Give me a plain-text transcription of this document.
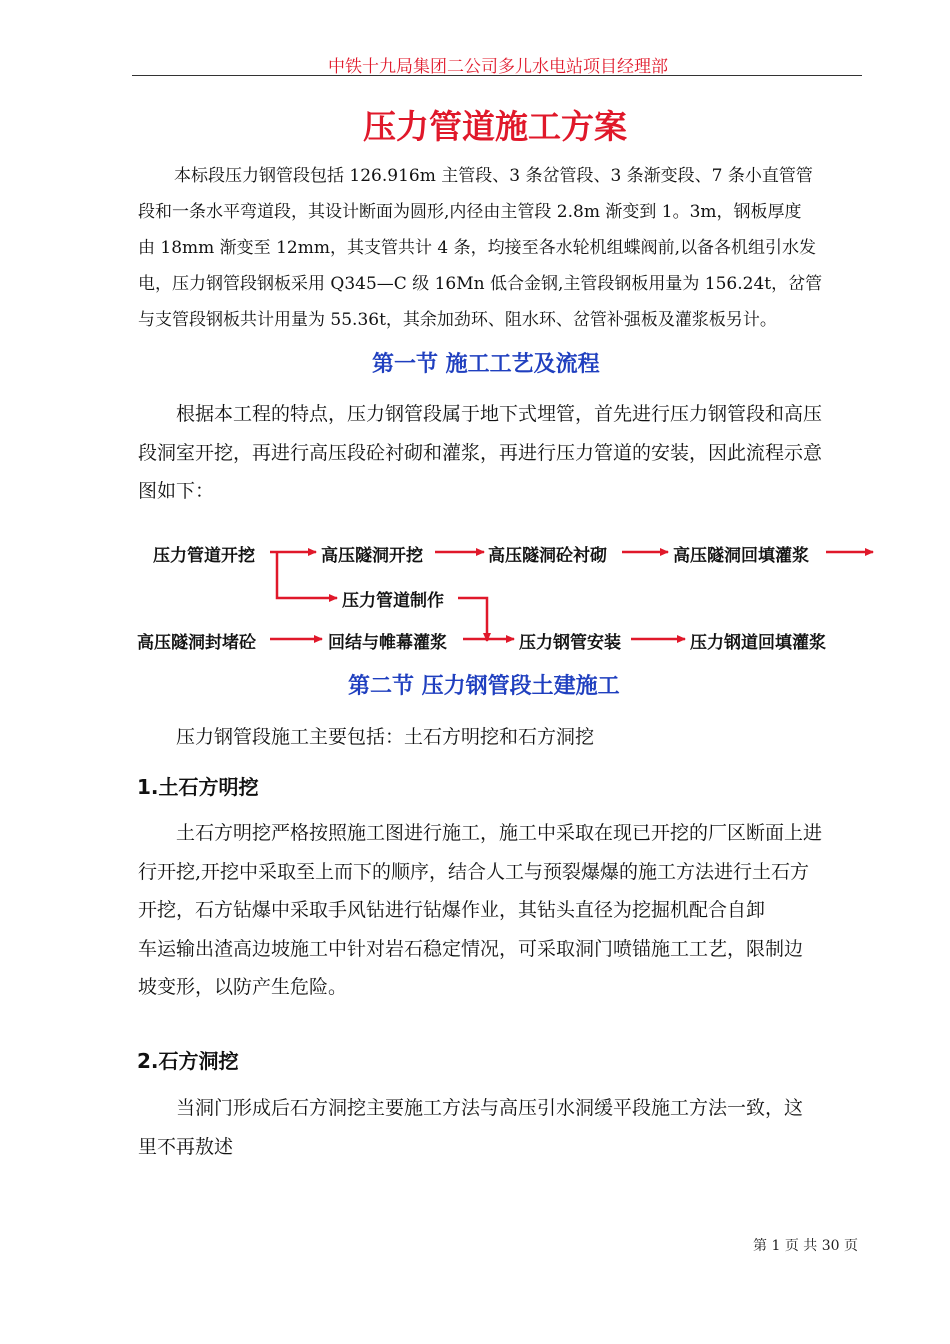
中铁十九局集团二公司多儿水电站项目经理部
压力管道施工方案
本标段压力钢管段包括 126.916m 主管段、3 条岔管段、3 条渐变段、7 条小直管管
段和一条水平弯道段，其设计断面为圆形,内径由主管段 2.8m 渐变到 1。3m，钢板厚度
由 18mm 渐变至 12mm，其支管共计 4 条，均接至各水轮机组蝶阀前,以备各机组引水发
电，压力钢管段钢板采用 Q345—C 级 16Mn 低合金钢,主管段钢板用量为 156.24t，岔管
与支管段钢板共计用量为 55.36t，其余加劲环、阻水环、岔管补强板及灌浆板另计。
第一节 施工工艺及流程
根据本工程的特点，压力钢管段属于地下式埋管，首先进行压力钢管段和高压
段洞室开挖，再进行高压段砼衬砌和灌浆，再进行压力管道的安装，因此流程示意
图如下：
压力管道开挖	高压隧洞开挖	高压隧洞砼衬砌	高压隧洞回填灌浆
压力管道制作
高压隧洞封堵砼	回结与帷幕灌浆	压力钢管安装	压力钢道回填灌浆
第二节 压力钢管段土建施工
压力钢管段施工主要包括：土石方明挖和石方洞挖
1.土石方明挖
土石方明挖严格按照施工图进行施工，施工中采取在现已开挖的厂区断面上进
行开挖,开挖中采取至上而下的顺序，结合人工与预裂爆爆的施工方法进行土石方
开挖，石方钻爆中采取手风钻进行钻爆作业，其钻头直径为挖掘机配合自卸
车运输出渣高边坡施工中针对岩石稳定情况，可采取洞门喷锚施工工艺，限制边
坡变形，以防产生危险。
2.石方洞挖
当洞门形成后石方洞挖主要施工方法与高压引水洞缓平段施工方法一致，这
里不再敖述
第 1 页 共 30 页
